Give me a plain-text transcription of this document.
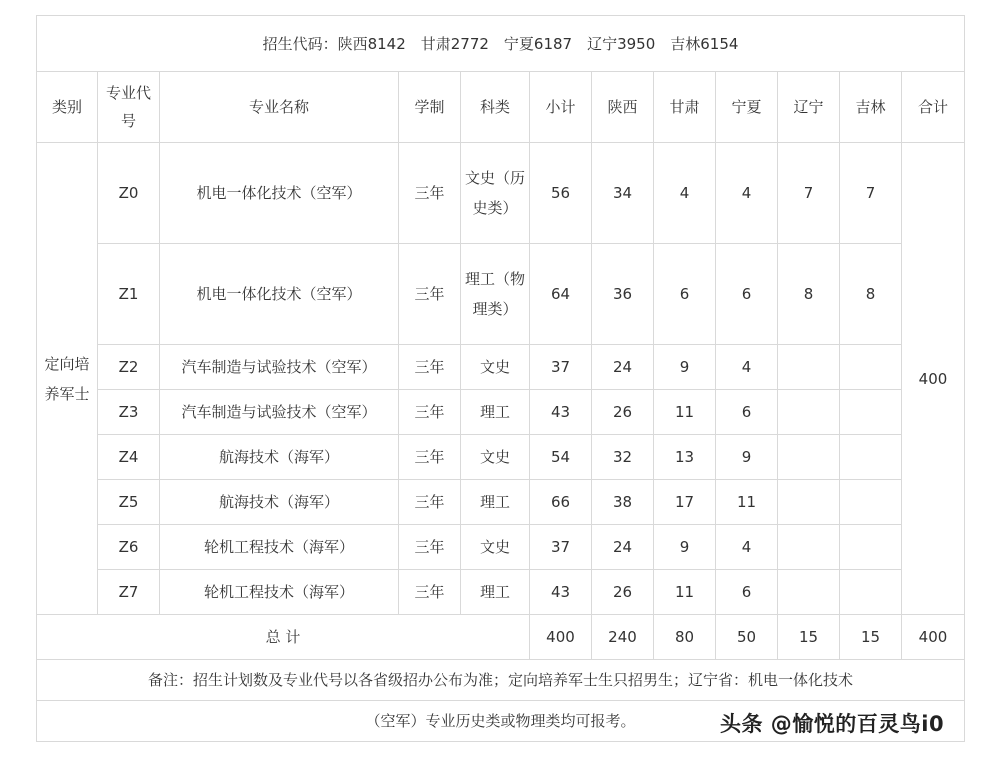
招生代码：陕西8142　甘肃2772　宁夏6187　辽宁3950　吉林6154											
类别	专业代号	专业名称	学制	科类	小计	陕西	甘肃	宁夏	辽宁	吉林	合计
定向培养军士	Z0	机电一体化技术（空军）	三年	文史（历史类）	56	34	4	4	7	7	400
	Z1	机电一体化技术（空军）	三年	理工（物理类）	64	36	6	6	8	8	
	Z2	汽车制造与试验技术（空军）	三年	文史	37	24	9	4			
	Z3	汽车制造与试验技术（空军）	三年	理工	43	26	11	6			
	Z4	航海技术（海军）	三年	文史	54	32	13	9			
	Z5	航海技术（海军）	三年	理工	66	38	17	11			
	Z6	轮机工程技术（海军）	三年	文史	37	24	9	4			
	Z7	轮机工程技术（海军）	三年	理工	43	26	11	6			
总 计					400	240	80	50	15	15	400
备注：招生计划数及专业代号以各省级招办公布为准；定向培养军士生只招男生；辽宁省：机电一体化技术											
（空军）专业历史类或物理类均可报考。												头条 @愉悦的百灵鸟i0
